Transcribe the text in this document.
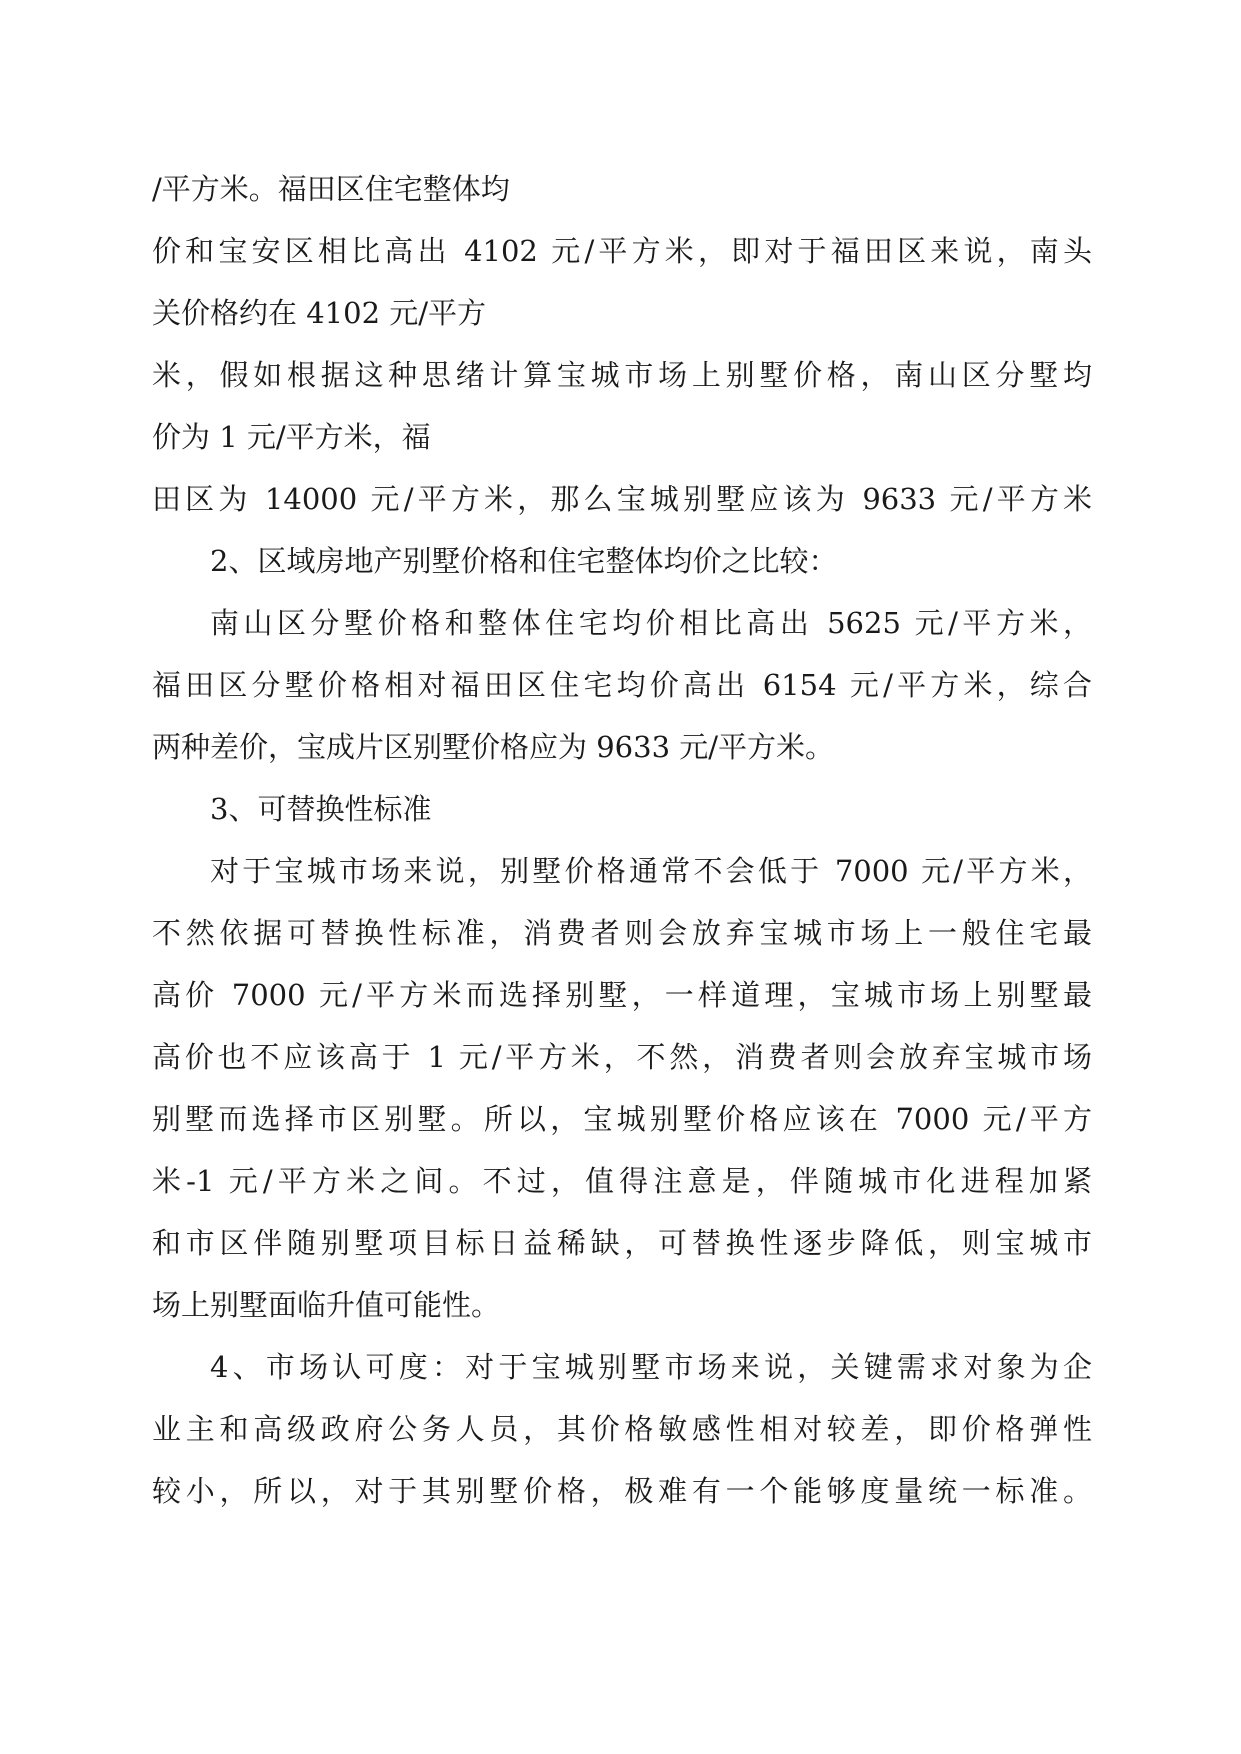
/平方米。福田区住宅整体均
价和宝安区相比高出 4102 元/平方米，即对于福田区来说，南头
关价格约在 4102 元/平方
米，假如根据这种思绪计算宝城市场上别墅价格，南山区分墅均
价为 1 元/平方米，福
田区为 14000 元/平方米，那么宝城别墅应该为 9633 元/平方米
2、区域房地产别墅价格和住宅整体均价之比较：
南山区分墅价格和整体住宅均价相比高出 5625 元/平方米，
福田区分墅价格相对福田区住宅均价高出 6154 元/平方米，综合
两种差价，宝成片区别墅价格应为 9633 元/平方米。
3、可替换性标准
对于宝城市场来说，别墅价格通常不会低于 7000 元/平方米，
不然依据可替换性标准，消费者则会放弃宝城市场上一般住宅最
高价 7000 元/平方米而选择别墅，一样道理，宝城市场上别墅最
高价也不应该高于 1 元/平方米，不然，消费者则会放弃宝城市场
别墅而选择市区别墅。所以，宝城别墅价格应该在 7000 元/平方
米-1 元/平方米之间。不过，值得注意是，伴随城市化进程加紧
和市区伴随别墅项目标日益稀缺，可替换性逐步降低，则宝城市
场上别墅面临升值可能性。
4、市场认可度：对于宝城别墅市场来说，关键需求对象为企
业主和高级政府公务人员，其价格敏感性相对较差，即价格弹性
较小，所以，对于其别墅价格，极难有一个能够度量统一标准。
